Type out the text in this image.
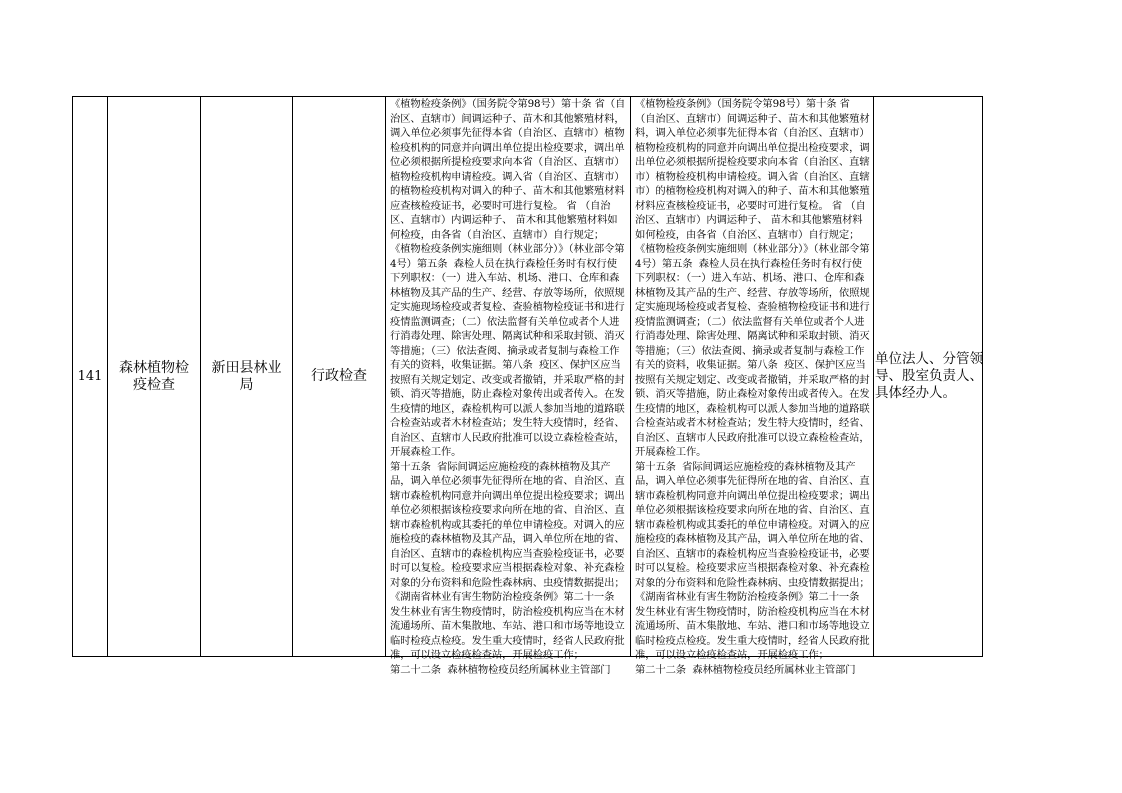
141
森林植物检疫检查
新田县林业局
行政检查
《植物检疫条例》（国务院令第98号）第十条 省（自治区、直辖市）间调运种子、苗木和其他繁殖材料，调入单位必须事先征得本省（自治区、直辖市）植物检疫机构的同意并向调出单位提出检疫要求，调出单位必须根据所提检疫要求向本省（自治区、直辖市）植物检疫机构申请检疫。调入省（自治区、直辖市）的植物检疫机构对调入的种子、苗木和其他繁殖材料应查核检疫证书，必要时可进行复检。 省 （自治区、直辖市）内调运种子、 苗木和其他繁殖材料如何检疫，由各省（自治区、直辖市）自行规定；
《植物检疫条例实施细则（林业部分）》（林业部令第4号）第五条  森检人员在执行森检任务时有权行使下列职权：（一）进入车站、机场、港口、仓库和森林植物及其产品的生产、经营、存放等场所，依照规定实施现场检疫或者复检、查验植物检疫证书和进行疫情监测调查；（二）依法监督有关单位或者个人进行消毒处理、除害处理、隔离试种和采取封锁、消灭等措施；（三）依法查阅、摘录或者复制与森检工作有关的资料，收集证据。第八条  疫区、保护区应当按照有关规定划定、改变或者撤销，并采取严格的封锁、消灭等措施，防止森检对象传出或者传入。在发生疫情的地区，森检机构可以派人参加当地的道路联合检查站或者木材检查站；发生特大疫情时，经省、自治区、直辖市人民政府批准可以设立森检检查站，开展森检工作。
第十五条  省际间调运应施检疫的森林植物及其产品，调入单位必须事先征得所在地的省、自治区、直辖市森检机构同意并向调出单位提出检疫要求；调出单位必须根据该检疫要求向所在地的省、自治区、直辖市森检机构或其委托的单位申请检疫。对调入的应施检疫的森林植物及其产品，调入单位所在地的省、自治区、直辖市的森检机构应当查验检疫证书，必要时可以复检。检疫要求应当根据森检对象、补充森检对象的分布资料和危险性森林病、虫疫情数据提出；
《湖南省林业有害生物防治检疫条例》第二十一条  发生林业有害生物疫情时，防治检疫机构应当在木材流通场所、苗木集散地、车站、港口和市场等地设立临时检疫点检疫。发生重大疫情时，经省人民政府批准，可以设立检疫检查站，开展检疫工作；
第二十二条  森林植物检疫员经所属林业主管部门
《植物检疫条例》（国务院令第98号）第十条 省（自治区、直辖市）间调运种子、苗木和其他繁殖材料，调入单位必须事先征得本省（自治区、直辖市）植物检疫机构的同意并向调出单位提出检疫要求，调出单位必须根据所提检疫要求向本省（自治区、直辖市）植物检疫机构申请检疫。调入省（自治区、直辖市）的植物检疫机构对调入的种子、苗木和其他繁殖材料应查核检疫证书，必要时可进行复检。 省 （自治区、直辖市）内调运种子、 苗木和其他繁殖材料如何检疫，由各省（自治区、直辖市）自行规定；
《植物检疫条例实施细则（林业部分）》（林业部令第4号）第五条  森检人员在执行森检任务时有权行使下列职权：（一）进入车站、机场、港口、仓库和森林植物及其产品的生产、经营、存放等场所，依照规定实施现场检疫或者复检、查验植物检疫证书和进行疫情监测调查；（二）依法监督有关单位或者个人进行消毒处理、除害处理、隔离试种和采取封锁、消灭等措施；（三）依法查阅、摘录或者复制与森检工作有关的资料，收集证据。第八条  疫区、保护区应当按照有关规定划定、改变或者撤销，并采取严格的封锁、消灭等措施，防止森检对象传出或者传入。在发生疫情的地区，森检机构可以派人参加当地的道路联合检查站或者木材检查站；发生特大疫情时，经省、自治区、直辖市人民政府批准可以设立森检检查站，开展森检工作。
第十五条  省际间调运应施检疫的森林植物及其产品，调入单位必须事先征得所在地的省、自治区、直辖市森检机构同意并向调出单位提出检疫要求；调出单位必须根据该检疫要求向所在地的省、自治区、直辖市森检机构或其委托的单位申请检疫。对调入的应施检疫的森林植物及其产品，调入单位所在地的省、自治区、直辖市的森检机构应当查验检疫证书，必要时可以复检。检疫要求应当根据森检对象、补充森检对象的分布资料和危险性森林病、虫疫情数据提出；
《湖南省林业有害生物防治检疫条例》第二十一条  发生林业有害生物疫情时，防治检疫机构应当在木材流通场所、苗木集散地、车站、港口和市场等地设立临时检疫点检疫。发生重大疫情时，经省人民政府批准，可以设立检疫检查站，开展检疫工作；
第二十二条  森林植物检疫员经所属林业主管部门
单位法人、分管领导、股室负责人、具体经办人。
